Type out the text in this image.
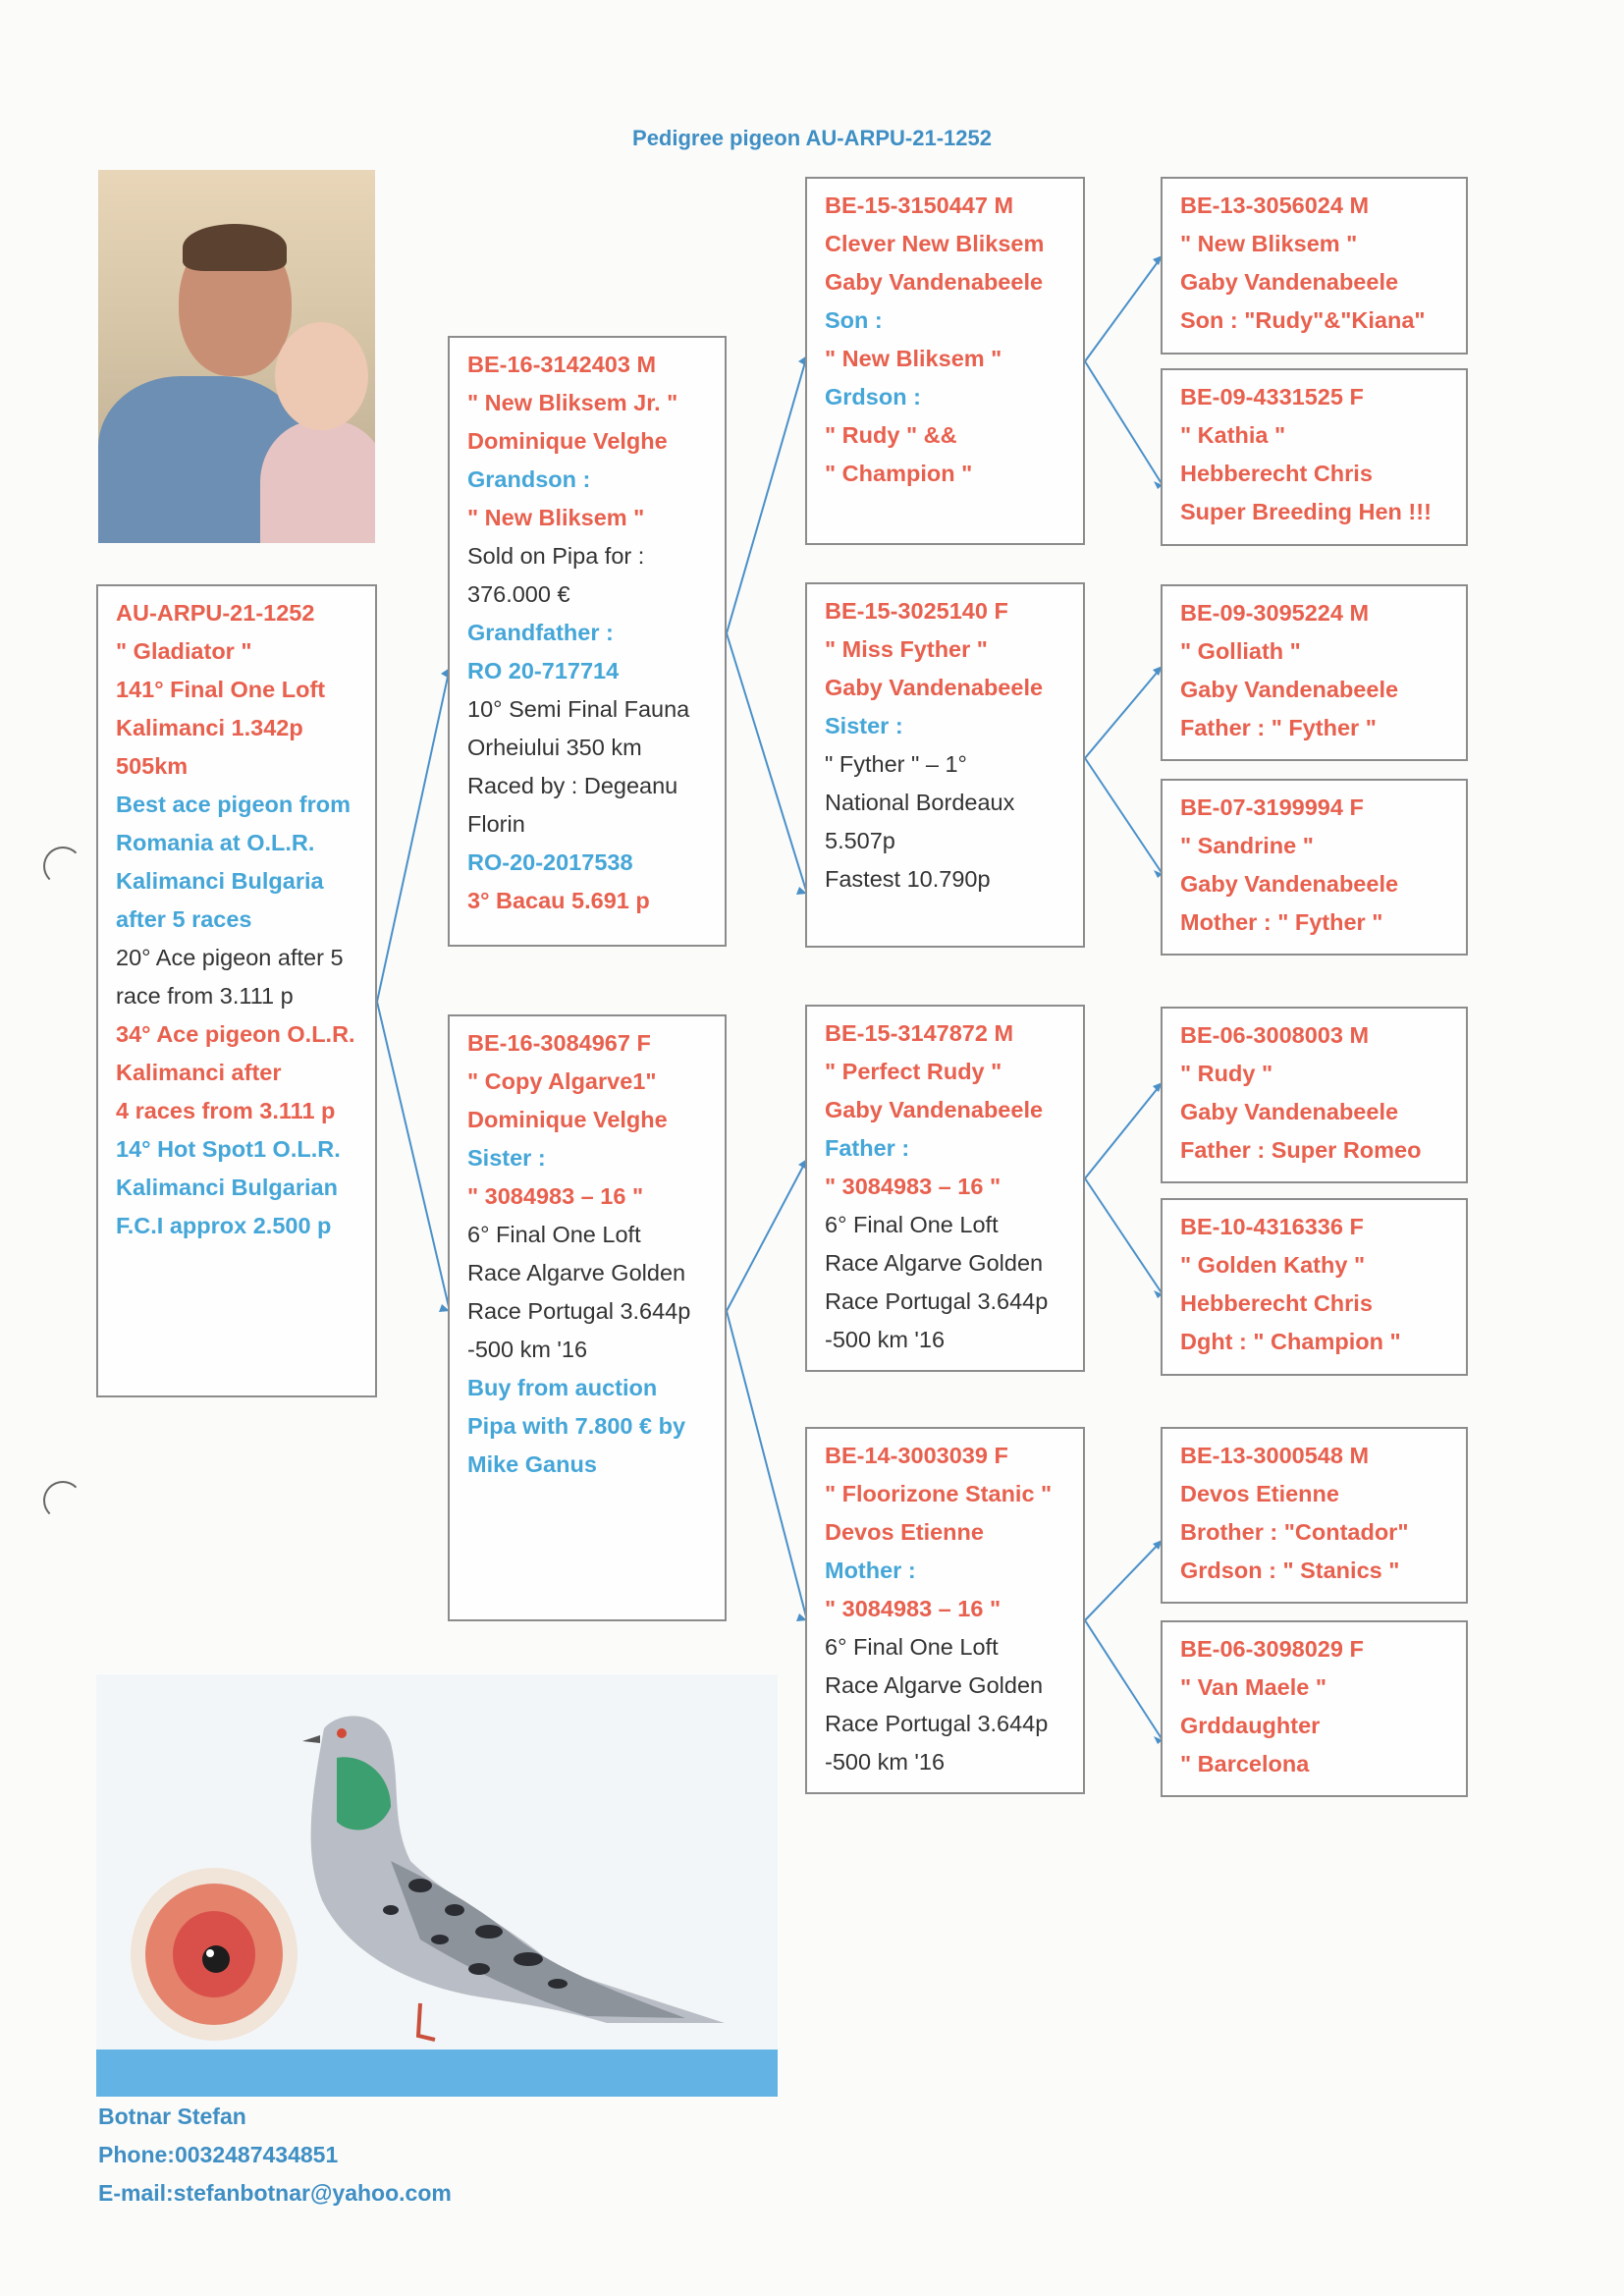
Pedigree pigeon AU-ARPU-21-1252
AU-ARPU-21-1252
" Gladiator "
141° Final One Loft
Kalimanci 1.342p
505km
Best ace pigeon from
Romania at O.L.R.
Kalimanci Bulgaria
after 5 races
20° Ace pigeon after 5
race from 3.111 p
34° Ace pigeon O.L.R.
Kalimanci after
4 races from 3.111 p
14° Hot Spot1 O.L.R.
Kalimanci Bulgarian
F.C.I approx 2.500 p
BE-16-3142403 M
" New Bliksem Jr. "
Dominique Velghe
Grandson :
" New Bliksem "
Sold on Pipa for :
376.000 €
Grandfather :
RO 20-717714
10° Semi Final Fauna
Orheiului 350 km
Raced by : Degeanu
Florin
RO-20-2017538
3° Bacau 5.691 p
BE-16-3084967 F
" Copy Algarve1"
Dominique Velghe
Sister :
" 3084983 – 16 "
6° Final One Loft
Race Algarve Golden
Race Portugal 3.644p
-500 km '16
Buy from auction
Pipa with 7.800 € by
Mike Ganus
BE-15-3150447 M
Clever New Bliksem
Gaby Vandenabeele
Son :
" New Bliksem "
Grdson :
" Rudy " &&
" Champion "
BE-15-3025140 F
" Miss Fyther "
Gaby Vandenabeele
Sister :
" Fyther " – 1°
National Bordeaux
5.507p
Fastest 10.790p
BE-15-3147872 M
" Perfect Rudy "
Gaby Vandenabeele
Father :
" 3084983 – 16 "
6° Final One Loft
Race Algarve Golden
Race Portugal 3.644p
-500 km '16
BE-14-3003039 F
" Floorizone Stanic "
Devos Etienne
Mother :
" 3084983 – 16 "
6° Final One Loft
Race Algarve Golden
Race Portugal 3.644p
-500 km '16
BE-13-3056024 M
" New Bliksem "
Gaby Vandenabeele
Son : "Rudy"&"Kiana"
BE-09-4331525 F
" Kathia "
Hebberecht Chris
Super Breeding Hen !!!
BE-09-3095224 M
" Golliath "
Gaby Vandenabeele
Father : " Fyther "
BE-07-3199994 F
" Sandrine "
Gaby Vandenabeele
Mother : " Fyther "
BE-06-3008003 M
" Rudy "
Gaby Vandenabeele
Father : Super Romeo
BE-10-4316336 F
" Golden Kathy "
Hebberecht Chris
Dght : " Champion "
BE-13-3000548 M
Devos Etienne
Brother : "Contador"
Grdson : " Stanics "
BE-06-3098029 F
" Van Maele "
Grddaughter
" Barcelona
Botnar Stefan
Phone:0032487434851
E-mail:stefanbotnar@yahoo.com
